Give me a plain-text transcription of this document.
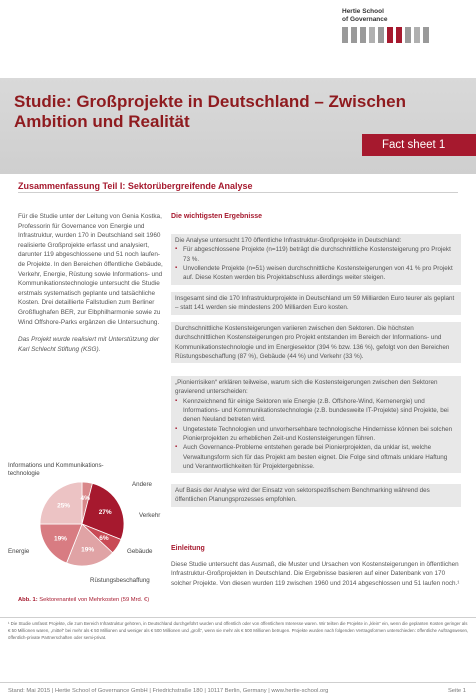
Hertie School
of Governance
Studie: Großprojekte in Deutschland – Zwischen Ambition und Realität
Fact sheet 1
Zusammenfassung Teil I: Sektorübergreifende Analyse

Für die Studie unter der Leitung von Genia Kostka, Professorin für Governance von Energie und Infrastruktur, wurden 170 in Deutschland seit 1960 realisierte Großprojekte erfasst und analysiert, darunter 119 abgeschlossene und 51 noch laufende Projekte. In den Bereichen öffentliche Gebäude, Verkehr, Energie, Rüstung sowie Informations- und Kommunikationstechnologie untersucht die Studie erstmals systematisch geplante und tatsächliche Kosten. Drei detaillierte Fallstudien zum Berliner Großflughafen BER, zur Elbphilharmonie sowie zu Wind Offshore-Parks ergänzen die Untersuchung.

Das Projekt wurde realisiert mit Unterstützung der Karl Schlecht Stiftung (KSG).

4%
27%
6%
19%
19%
25%
Informations und Kommunikations-technologie
Andere
Verkehr
Gebäude
Rüstungsbeschaffung
Energie
Abb. 1: Sektorenanteil von Mehrkosten (59 Mrd. €)
Die wichtigsten Ergebnisse

Die Analyse untersucht 170 öffentliche Infrastruktur-Großprojekte in Deutschland:

▪ Für abgeschlossene Projekte (n=119) beträgt die durchschnittliche Kostensteigerung pro Projekt 73 %.
▪ Unvollendete Projekte (n=51) weisen durchschnittliche Kostensteigerungen von 41 % pro Projekt auf. Diese Kosten werden bis Projektabschluss allerdings weiter steigen.
Insgesamt sind die 170 Infrastrukturprojekte in Deutschland um 59 Milliarden Euro teurer als geplant – statt 141 werden sie mindestens 200 Milliarden Euro kosten.
Durchschnittliche Kostensteigerungen variieren zwischen den Sektoren. Die höchsten durchschnittlichen Kostensteigerungen pro Projekt entstanden im Bereich der Informations- und Kommunikationstechnologie und im Energiesektor (394 % bzw. 136 %), gefolgt von den Bereichen Rüstungsbeschaffung (87 %), Gebäude (44 %) und Verkehr (33 %).

„Pionierrisiken“ erklären teilweise, warum sich die Kostensteigerungen zwischen den Sektoren gravierend unterscheiden:

▪ Kennzeichnend für einige Sektoren wie Energie (z.B. Offshore-Wind, Kernenergie) und Informations- und Kommunikationstechnologie (z.B. bundesweite IT-Projekte) sind Projekte, bei denen Neuland betreten wird.
▪ Ungetestete Technologien und unvorhersehbare technologische Hindernisse können bei solchen Pionierprojekten zu erheblichen Zeit-und Kostensteigerungen führen.
▪ Auch Governance-Probleme entstehen gerade bei Pionierprojekten, da unklar ist, welche Verwaltungsform sich für das Projekt am besten eignet. Die Folge sind oftmals unklare Haftung und Verantwortlichkeiten für Projektergebnisse.
Auf Basis der Analyse wird der Einsatz von sektorspezifischem Benchmarking während des öffentlichen Planungsprozesses empfohlen.
Einleitung
Diese Studie untersucht das Ausmaß, die Muster und Ursachen von Kostensteigerungen in öffentlichen Infrastruktur-Großprojekten in Deutschland. Die Ergebnisse basieren auf einer Datenbank von 170 solcher Projekte. Von diesen wurden 119 zwischen 1960 und 2014 abgeschlossen und 51 laufen noch.¹
¹ Die Studie umfasst Projekte, die zum Bereich Infrastruktur gehören, in Deutschland durchgeführt wurden und öffentlich oder von öffentlichem Interesse waren. Wir teilten die Projekte in „klein“ ein, wenn die geplanten Kosten geringer als € 50 Millionen waren, „mittel“ bei mehr als € 50 Millionen und weniger als € 500 Millionen und „groß“, wenn sie mehr als € 500 Millionen betrugen. Projekte wurden nach folgenden Vertragsformen unterschieden: öffentliche Auftragswesen, öffentlich-private Partnerschaften oder semi-privat.
Stand: Mai 2015 | Hertie School of Governance GmbH | Friedrichstraße 180 | 10117 Berlin, Germany | www.hertie-school.org	Seite 1
